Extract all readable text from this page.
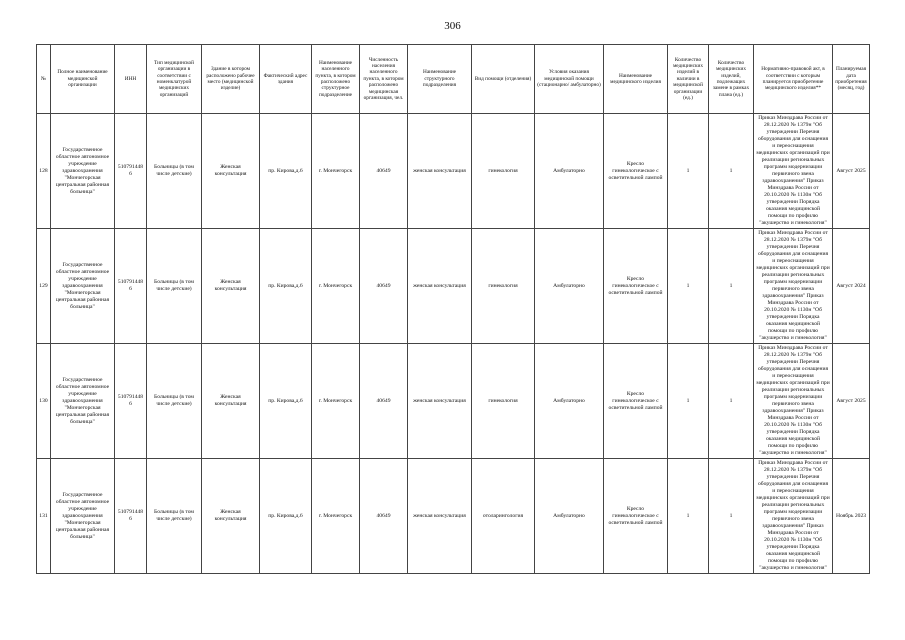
306
№	Полное наименование медицинской организации	ИНН	Тип медицинской организации в соответствии с номенклатурой медицинских организаций	Здание в котором расположено рабочее место (медицинской изделие)	Фактический адрес здания	Наименование населенного пункта, в котором расположено структурное подразделение	Численность населения населенного пункта, в котором расположено медицинская организация, чел.	Наименование структурного подразделения	Вид помощи (отделения)	Условия оказания медицинской помощи (стационарно/ амбулаторно)	Наименование медицинского изделия	Количество медицинских изделий в наличии в медицинской организации (ед.)	Количество медицинских изделий, подлежащих замене в рамках плана (ед.)	Нормативно-правовой акт, в соответствии с которым планируется приобретение медицинского изделия**	Планируемая дата приобретения (месяц, год)
128	Государственное областное автономное учреждение здравоохранения "Мончегорская центральная районная больница"	5107914486	Больницы (в том числе детские)	Женская консультация	пр. Кирова,д.6	г. Мончегорск	40649	женская консультация	гинекология	Амбулаторно	Кресло гинекологическое с осветительной лампой	1	1	Приказ Минздрава России от 28.12.2020 № 1379н "Об утверждении Перечня оборудования для оснащения и переоснащения медицинских организаций при реализации региональных программ модернизации первичного звена здравоохранения" Приказ Минздрава России от 20.10.2020 № 1130н "Об утверждении Порядка оказания медицинской помощи по профилю "акушерство и гинекология"	Август 2025
129	Государственное областное автономное учреждение здравоохранения "Мончегорская центральная районная больница"	5107914486	Больницы (в том числе детские)	Женская консультация	пр. Кирова,д.6	г. Мончегорск	40649	женская консультация	гинекология	Амбулаторно	Кресло гинекологическое с осветительной лампой	1	1	Приказ Минздрава России от 28.12.2020 № 1379н "Об утверждении Перечня оборудования для оснащения и переоснащения медицинских организаций при реализации региональных программ модернизации первичного звена здравоохранения" Приказ Минздрава России от 20.10.2020 № 1130н "Об утверждении Порядка оказания медицинской помощи по профилю "акушерство и гинекология"	Август 2024
130	Государственное областное автономное учреждение здравоохранения "Мончегорская центральная районная больница"	5107914486	Больницы (в том числе детские)	Женская консультация	пр. Кирова,д.6	г. Мончегорск	40649	женская консультация	гинекология	Амбулаторно	Кресло гинекологическое с осветительной лампой	1	1	Приказ Минздрава России от 28.12.2020 № 1379н "Об утверждении Перечня оборудования для оснащения и переоснащения медицинских организаций при реализации региональных программ модернизации первичного звена здравоохранения" Приказ Минздрава России от 20.10.2020 № 1130н "Об утверждении Порядка оказания медицинской помощи по профилю "акушерство и гинекология"	Август 2025
131	Государственное областное автономное учреждение здравоохранения "Мончегорская центральная районная больница"	5107914486	Больницы (в том числе детские)	Женская консультация	пр. Кирова,д.6	г. Мончегорск	40649	женская консультация	отоларингология	Амбулаторно	Кресло гинекологическое с осветительной лампой	1	1	Приказ Минздрава России от 28.12.2020 № 1379н "Об утверждении Перечня оборудования для оснащения и переоснащения медицинских организаций при реализации региональных программ модернизации первичного звена здравоохранения" Приказ Минздрава России от 20.10.2020 № 1130н "Об утверждении Порядка оказания медицинской помощи по профилю "акушерство и гинекология"	Ноябрь 2023
